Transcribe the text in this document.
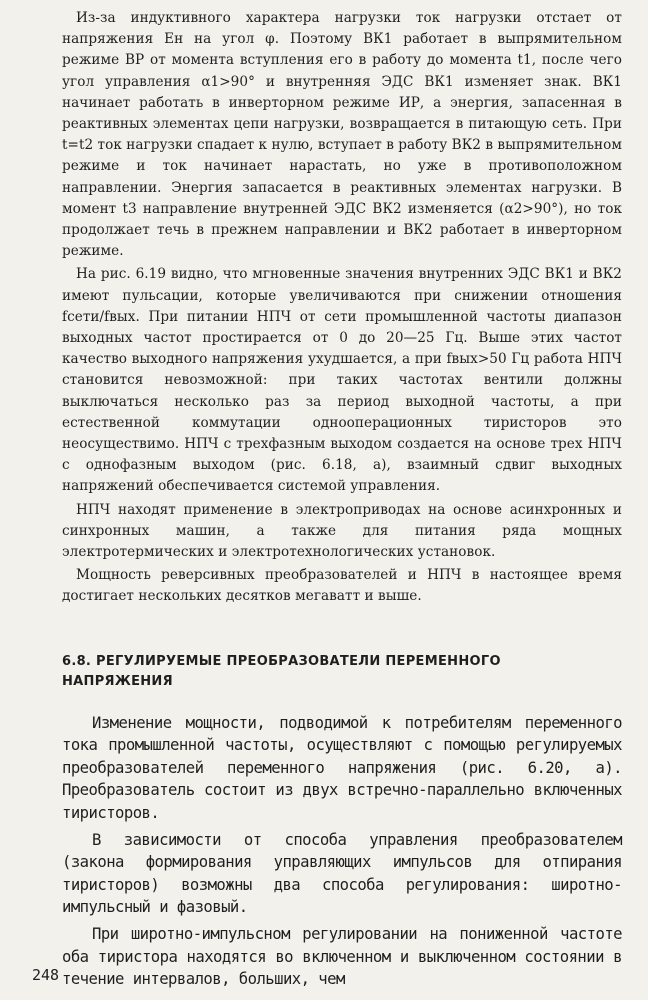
Из-за индуктивного характера нагрузки ток нагрузки отстает от напряжения Eн на угол φ. Поэтому ВК1 работает в выпрямительном режиме ВР от момента вступления его в работу до момента t1, после чего угол управления α1>90° и внутренняя ЭДС ВК1 изменяет знак. ВК1 начинает работать в инверторном режиме ИР, а энергия, запасенная в реактивных элементах цепи нагрузки, возвращается в питающую сеть. При t=t2 ток нагрузки спадает к нулю, вступает в работу ВК2 в выпрямительном режиме и ток начинает нарастать, но уже в противоположном направлении. Энергия запасается в реактивных элементах нагрузки. В момент t3 направление внутренней ЭДС ВК2 изменяется (α2>90°), но ток продолжает течь в прежнем направлении и ВК2 работает в инверторном режиме.

На рис. 6.19 видно, что мгновенные значения внутренних ЭДС ВК1 и ВК2 имеют пульсации, которые увеличиваются при снижении отношения fсети/fвых. При питании НПЧ от сети промышленной частоты диапазон выходных частот простирается от 0 до 20—25 Гц. Выше этих частот качество выходного напряжения ухудшается, а при fвых>50 Гц работа НПЧ становится невозможной: при таких частотах вентили должны выключаться несколько раз за период выходной частоты, а при естественной коммутации однооперационных тиристоров это неосуществимо. НПЧ с трехфазным выходом создается на основе трех НПЧ с однофазным выходом (рис. 6.18, а), взаимный сдвиг выходных напряжений обеспечивается системой управления.

НПЧ находят применение в электроприводах на основе асинхронных и синхронных машин, а также для питания ряда мощных электротермических и электротехнологических установок.

Мощность реверсивных преобразователей и НПЧ в настоящее время достигает нескольких десятков мегаватт и выше.

6.8. РЕГУЛИРУЕМЫЕ ПРЕОБРАЗОВАТЕЛИ ПЕРЕМЕННОГО
НАПРЯЖЕНИЯ

Изменение мощности, подводимой к потребителям переменного тока промышленной частоты, осуществляют с помощью регулируемых преобразователей переменного напряжения (рис. 6.20, а). Преобразователь состоит из двух встречно-параллельно включенных тиристоров.

В зависимости от способа управления преобразователем (закона формирования управляющих импульсов для отпирания тиристоров) возможны два способа регулирования: широтно-импульсный и фазовый.

При широтно-импульсном регулировании на пониженной частоте оба тиристора находятся во включенном и выключенном состоянии в течение интервалов, больших, чем

248
